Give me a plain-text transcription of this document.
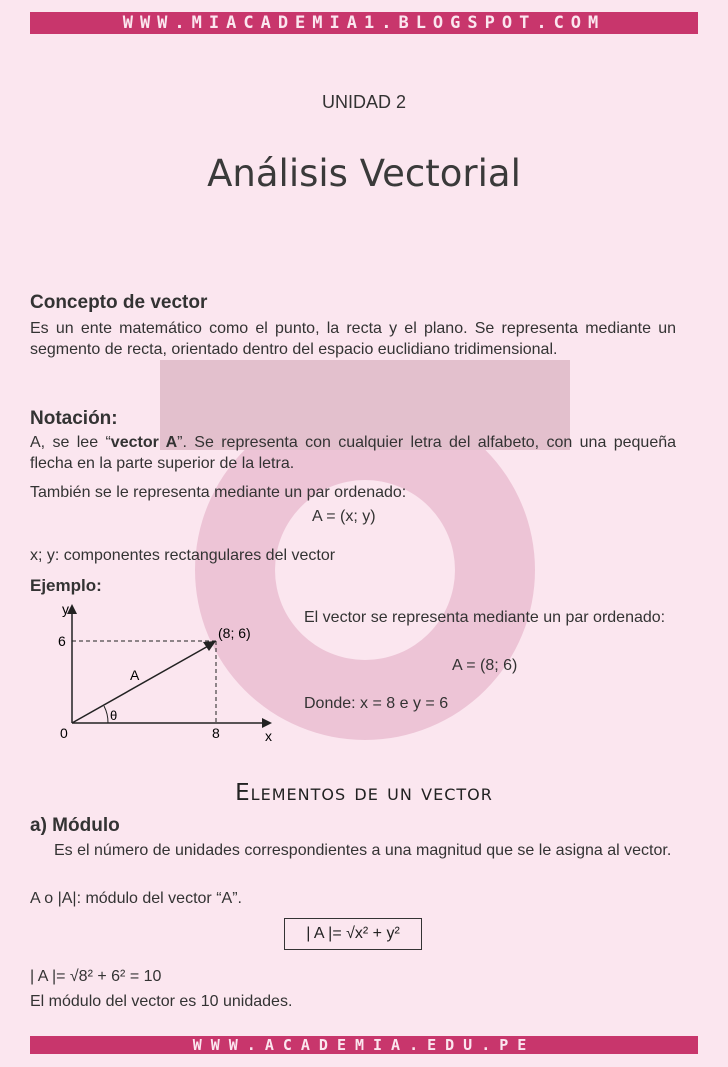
WWW.MIACADEMIA1.BLOGSPOT.COM
UNIDAD 2
Análisis Vectorial
Concepto de vector
Es un ente matemático como el punto, la recta y el plano. Se representa mediante un segmento de recta, orientado dentro del espacio euclidiano tridimensional.
Notación:
A, se lee “vector A”. Se representa con cualquier letra del alfabeto, con una pequeña flecha en la parte superior de la letra.
También se le representa mediante un par ordenado:
A = (x; y)
x; y: componentes rectangulares del vector
Ejemplo:
y
x
0
6
8
(8; 6)
A
θ
El vector se representa mediante un par ordenado:
A = (8; 6)
Donde: x = 8 e y = 6
Elementos de un vector
a) Módulo
Es el número de unidades correspondientes a una magnitud que se le asigna al vector.
A o |A|: módulo del vector “A”.
| A |= √x² + y²
| A |= √8² + 6² = 10
El módulo del vector es 10 unidades.
WWW.ACADEMIA.EDU.PE
